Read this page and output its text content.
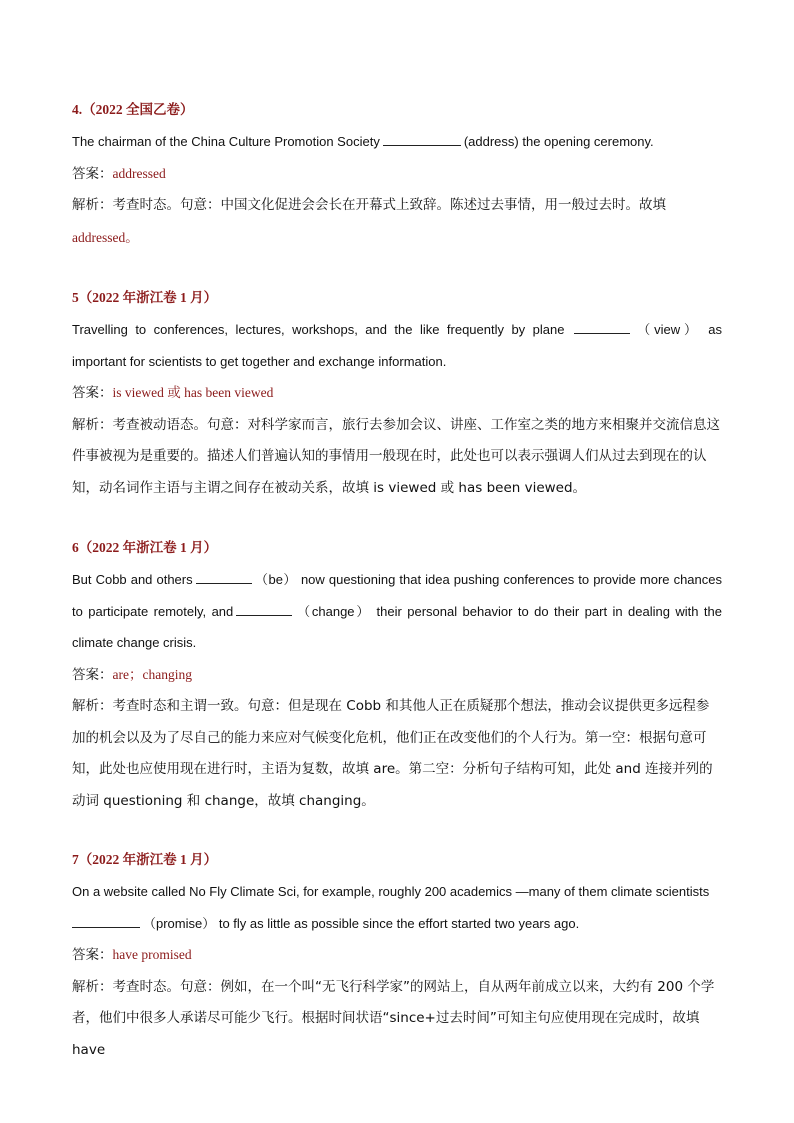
4.（2022 全国乙卷）

The chairman of the China Culture Promotion Society	(address) the opening ceremony.

答案：addressed

解析：考查时态。句意：中国文化促进会会长在开幕式上致辞。陈述过去事情，用一般过去时。故填
addressed。

5（2022 年浙江卷 1 月）

Travelling to conferences, lectures, workshops, and the like frequently by plane	（view） as important for scientists to get together and exchange information.

答案：is viewed 或 has been viewed

解析：考查被动语态。句意：对科学家而言，旅行去参加会议、讲座、工作室之类的地方来相聚并交流信息这件事被视为是重要的。描述人们普遍认知的事情用一般现在时，此处也可以表示强调人们从过去到现在的认知，动名词作主语与主谓之间存在被动关系，故填 is viewed 或 has been viewed。

6（2022 年浙江卷 1 月）

But Cobb and others	（be） now questioning that idea pushing conferences to provide more chances to participate remotely, and	（change） their personal behavior to do their part in dealing with the climate change crisis.

答案：are；changing

解析：考查时态和主谓一致。句意：但是现在 Cobb 和其他人正在质疑那个想法，推动会议提供更多远程参加的机会以及为了尽自己的能力来应对气候变化危机，他们正在改变他们的个人行为。第一空：根据句意可知，此处也应使用现在进行时，主语为复数，故填 are。第二空：分析句子结构可知，此处 and 连接并列的动词 questioning 和 change，故填 changing。

7（2022 年浙江卷 1 月）

On a website called No Fly Climate Sci, for example, roughly 200 academics —many of them climate scientists
（promise） to fly as little as possible since the effort started two years ago.

答案：have promised

解析：考查时态。句意：例如，在一个叫“无飞行科学家”的网站上，自从两年前成立以来，大约有 200 个学者，他们中很多人承诺尽可能少飞行。根据时间状语“since+过去时间”可知主句应使用现在完成时，故填 have
